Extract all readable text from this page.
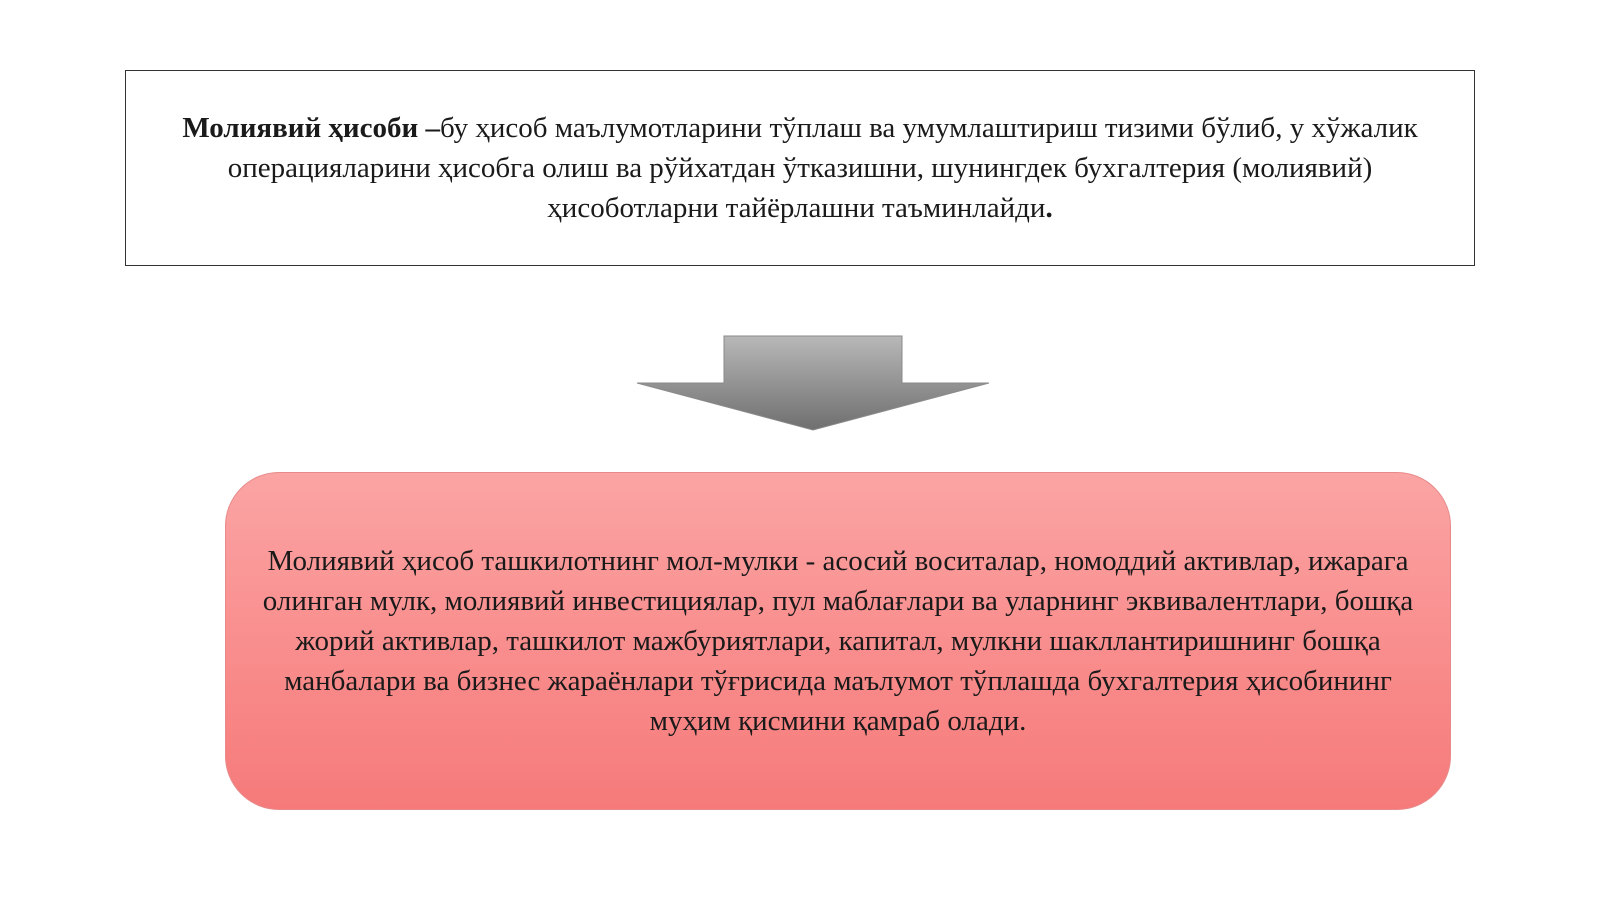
Молиявий ҳисоби –бу ҳисоб маълумотларини тўплаш ва умумлаштириш тизими бўлиб, у хўжалик операцияларини ҳисобга олиш ва рўйхатдан ўтказишни, шунингдек бухгалтерия (молиявий) ҳисоботларни тайёрлашни таъминлайди.

Молиявий ҳисоб ташкилотнинг мол-мулки - асосий воситалар, номоддий активлар, ижарага олинган мулк, молиявий инвестициялар, пул маблағлари ва уларнинг эквивалентлари, бошқа жорий активлар, ташкилот мажбуриятлари, капитал, мулкни шакллантиришнинг бошқа манбалари ва бизнес жараёнлари тўғрисида маълумот тўплашда бухгалтерия ҳисобининг муҳим қисмини қамраб олади.
